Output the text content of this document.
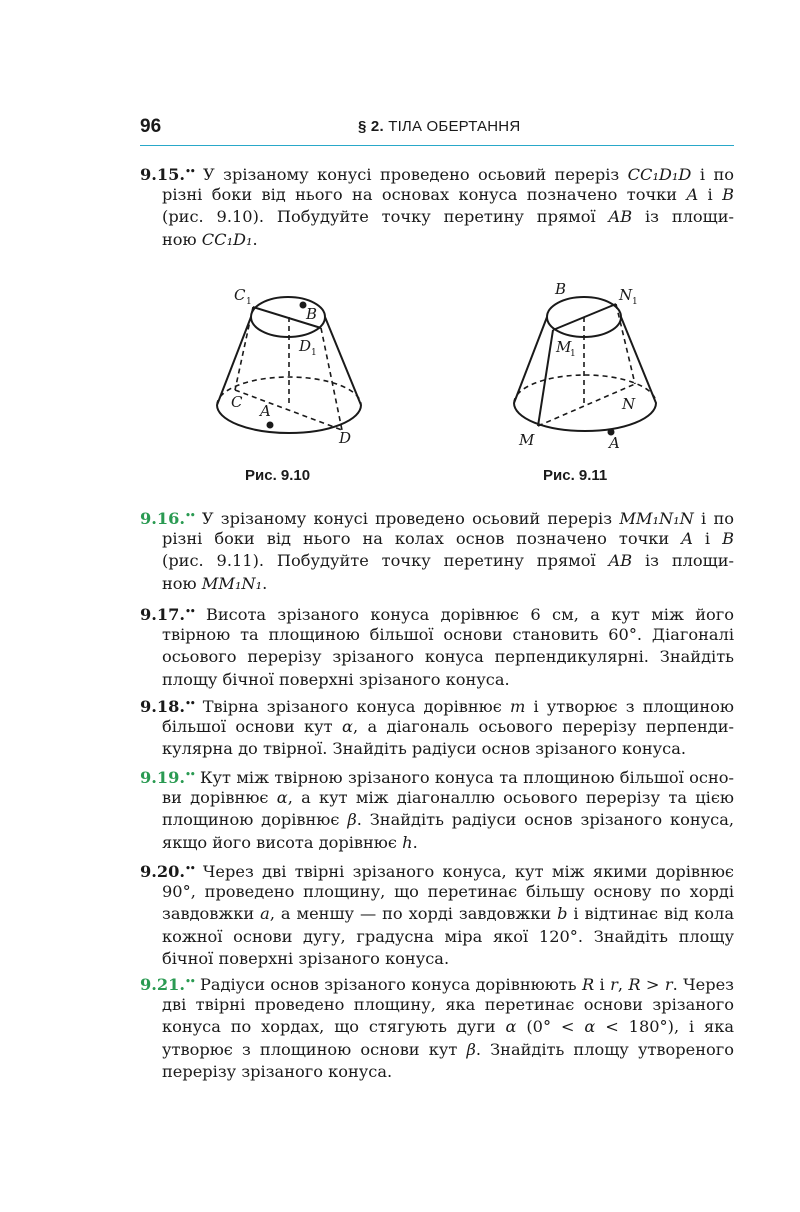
96	§ 2. ТІЛА ОБЕРТАННЯ
9.15.•• У зрізаному конусі проведено осьовий переріз CC₁D₁D і по
різні боки від нього на основах конуса позначено точки A і B
(рис. 9.10). Побудуйте точку перетину прямої AB із площи-
ною CC₁D₁.
C 1
B
D 1
C A
D
Рис. 9.10
B	N 1
M
1
N
M	A
Рис. 9.11
9.16.•• У зрізаному конусі проведено осьовий переріз MM₁N₁N і по
різні боки від нього на колах основ позначено точки A і B
(рис. 9.11). Побудуйте точку перетину прямої AB із площи-
ною MM₁N₁.
9.17.•• Висота зрізаного конуса дорівнює 6 см, а кут між його
твірною та площиною більшої основи становить 60°. Діагоналі
осьового перерізу зрізаного конуса перпендикулярні. Знайдіть
площу бічної поверхні зрізаного конуса.
9.18.•• Твірна зрізаного конуса дорівнює m і утворює з площиною
більшої основи кут α, а діагональ осьового перерізу перпенди-
кулярна до твірної. Знайдіть радіуси основ зрізаного конуса.
9.19.•• Кут між твірною зрізаного конуса та площиною більшої осно-
ви дорівнює α, а кут між діагоналлю осьового перерізу та цією
площиною дорівнює β. Знайдіть радіуси основ зрізаного конуса,
якщо його висота дорівнює h.
9.20.•• Через дві твірні зрізаного конуса, кут між якими дорівнює
90°, проведено площину, що перетинає більшу основу по хорді
завдовжки a, а меншу — по хорді завдовжки b і відтинає від кола
кожної основи дугу, градусна міра якої 120°. Знайдіть площу
бічної поверхні зрізаного конуса.
9.21.•• Радіуси основ зрізаного конуса дорівнюють R і r, R > r. Через
дві твірні проведено площину, яка перетинає основи зрізаного
конуса по хордах, що стягують дуги α (0° < α < 180°), і яка
утворює з площиною основи кут β. Знайдіть площу утвореного
перерізу зрізаного конуса.
